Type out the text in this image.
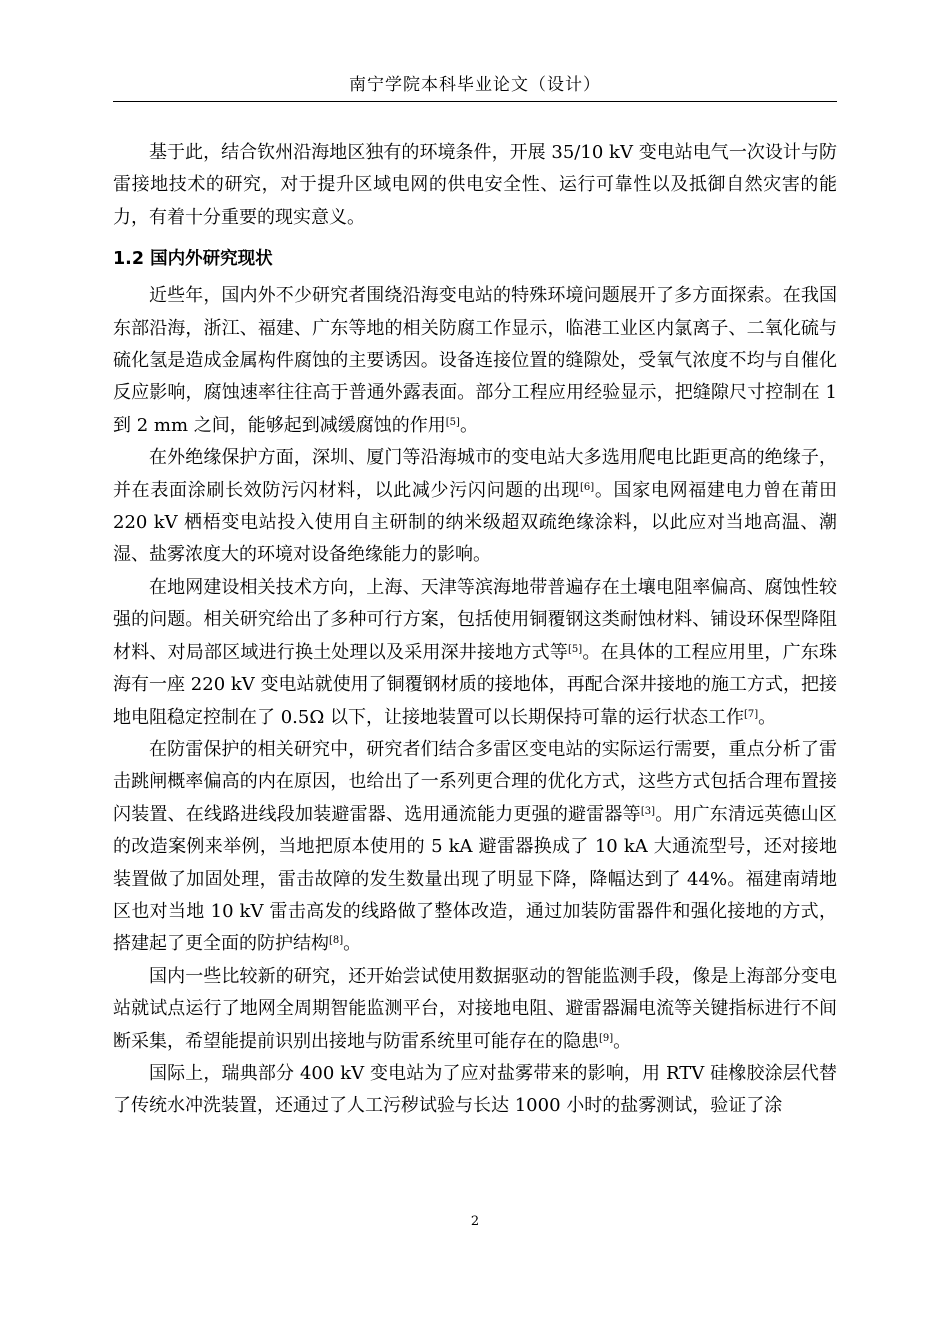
南宁学院本科毕业论文（设计）

基于此，结合钦州沿海地区独有的环境条件，开展 35/10 kV 变电站电气一次设计与防雷接地技术的研究，对于提升区域电网的供电安全性、运行可靠性以及抵御自然灾害的能力，有着十分重要的现实意义。

1.2 国内外研究现状

近些年，国内外不少研究者围绕沿海变电站的特殊环境问题展开了多方面探索。在我国东部沿海，浙江、福建、广东等地的相关防腐工作显示，临港工业区内氯离子、二氧化硫与硫化氢是造成金属构件腐蚀的主要诱因。设备连接位置的缝隙处，受氧气浓度不均与自催化反应影响，腐蚀速率往往高于普通外露表面。部分工程应用经验显示，把缝隙尺寸控制在 1 到 2 mm 之间，能够起到减缓腐蚀的作用[5]。

在外绝缘保护方面，深圳、厦门等沿海城市的变电站大多选用爬电比距更高的绝缘子，并在表面涂刷长效防污闪材料，以此减少污闪问题的出现[6]。国家电网福建电力曾在莆田 220 kV 栖梧变电站投入使用自主研制的纳米级超双疏绝缘涂料，以此应对当地高温、潮湿、盐雾浓度大的环境对设备绝缘能力的影响。

在地网建设相关技术方向，上海、天津等滨海地带普遍存在土壤电阻率偏高、腐蚀性较强的问题。相关研究给出了多种可行方案，包括使用铜覆钢这类耐蚀材料、铺设环保型降阻材料、对局部区域进行换土处理以及采用深井接地方式等[5]。在具体的工程应用里，广东珠海有一座 220 kV 变电站就使用了铜覆钢材质的接地体，再配合深井接地的施工方式，把接地电阻稳定控制在了 0.5Ω 以下，让接地装置可以长期保持可靠的运行状态工作[7]。

在防雷保护的相关研究中，研究者们结合多雷区变电站的实际运行需要，重点分析了雷击跳闸概率偏高的内在原因，也给出了一系列更合理的优化方式，这些方式包括合理布置接闪装置、在线路进线段加装避雷器、选用通流能力更强的避雷器等[3]。用广东清远英德山区的改造案例来举例，当地把原本使用的 5 kA 避雷器换成了 10 kA 大通流型号，还对接地装置做了加固处理，雷击故障的发生数量出现了明显下降，降幅达到了 44%。福建南靖地区也对当地 10 kV 雷击高发的线路做了整体改造，通过加装防雷器件和强化接地的方式，搭建起了更全面的防护结构[8]。

国内一些比较新的研究，还开始尝试使用数据驱动的智能监测手段，像是上海部分变电站就试点运行了地网全周期智能监测平台，对接地电阻、避雷器漏电流等关键指标进行不间断采集，希望能提前识别出接地与防雷系统里可能存在的隐患[9]。

国际上，瑞典部分 400 kV 变电站为了应对盐雾带来的影响，用 RTV 硅橡胶涂层代替了传统水冲洗装置，还通过了人工污秽试验与长达 1000 小时的盐雾测试，验证了涂

2
